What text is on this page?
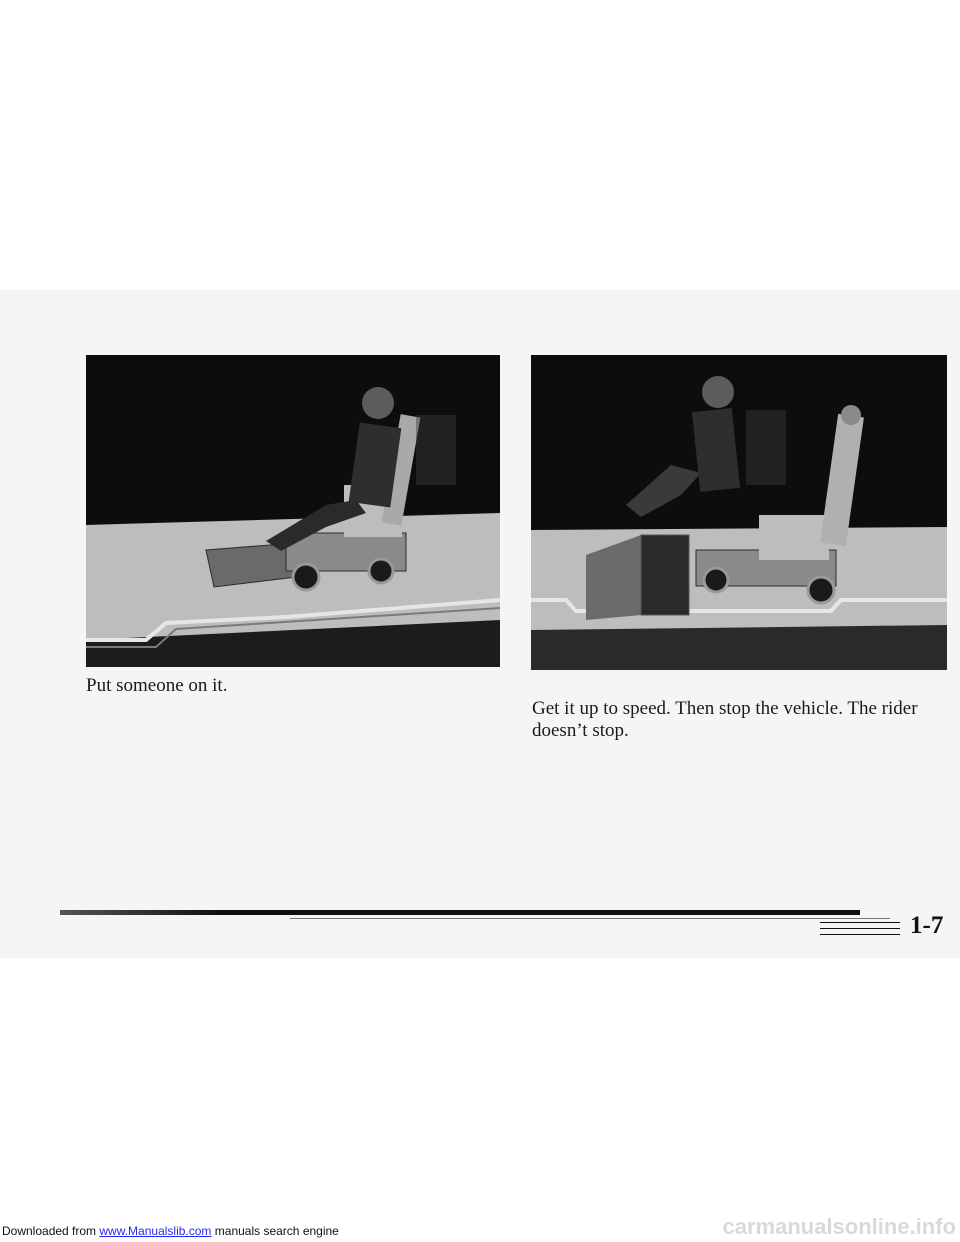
Put someone on it.
Get it up to speed. Then stop the vehicle. The rider doesn’t stop.
1-7
Downloaded from www.Manualslib.com manuals search engine	carmanualsonline.info
